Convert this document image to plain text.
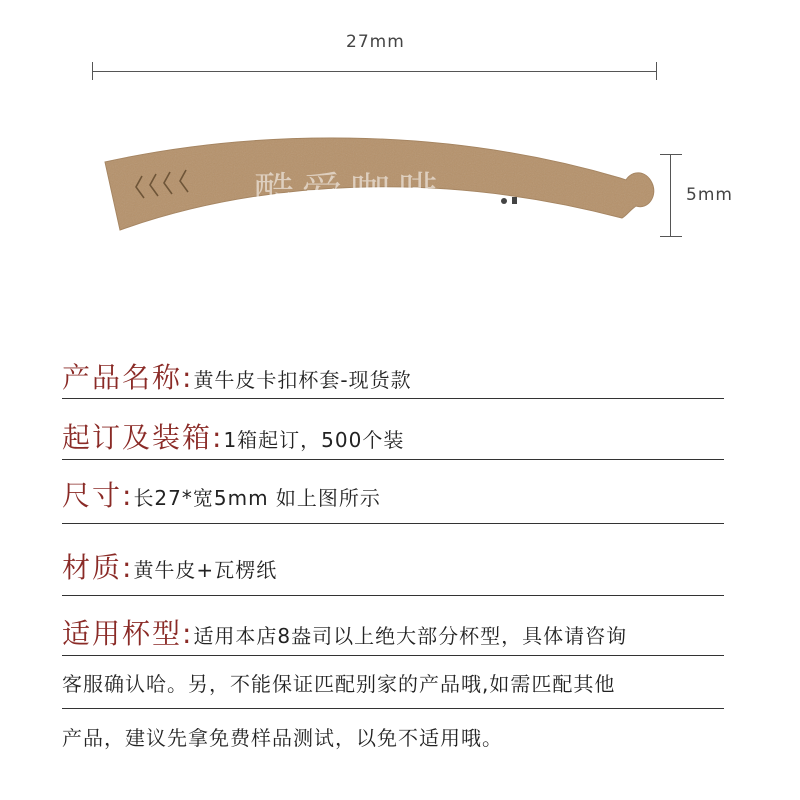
27mm
5mm
酷爱咖啡
产品名称:黄牛皮卡扣杯套-现货款
起订及装箱:1箱起订，500个装
尺寸:长27*宽5mm 如上图所示
材质:黄牛皮+瓦楞纸
适用杯型:适用本店8盎司以上绝大部分杯型，具体请咨询
客服确认哈。另，不能保证匹配别家的产品哦,如需匹配其他
产品，建议先拿免费样品测试，以免不适用哦。
